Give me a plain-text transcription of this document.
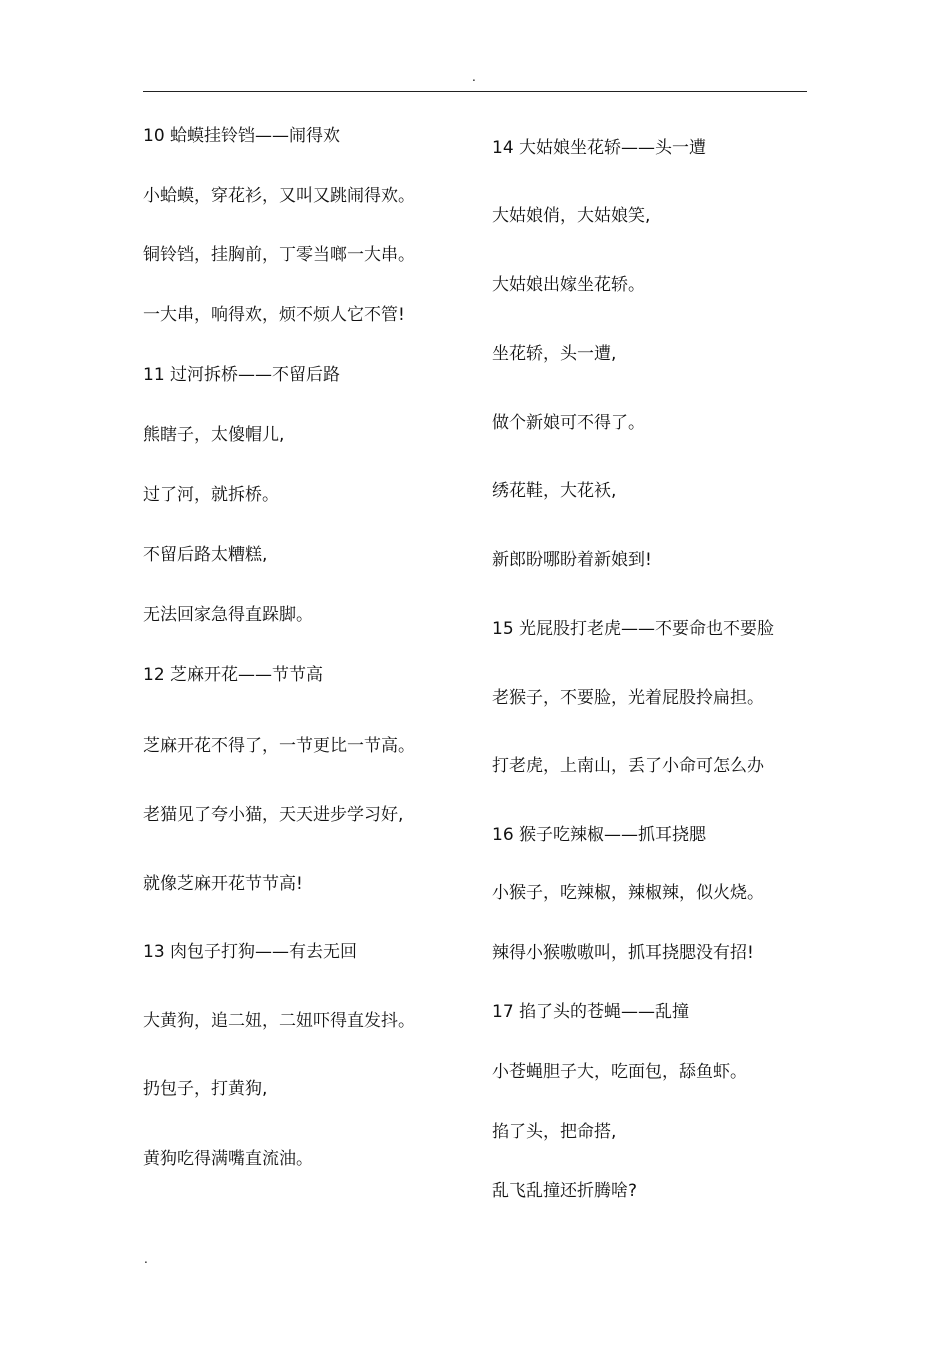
.
10 蛤蟆挂铃铛——闹得欢
小蛤蟆，穿花衫，又叫又跳闹得欢。
铜铃铛，挂胸前，丁零当啷一大串。
一大串，响得欢，烦不烦人它不管!
11 过河拆桥——不留后路
熊瞎子，太傻帽儿,
过了河，就拆桥。
不留后路太糟糕,
无法回家急得直跺脚。
12 芝麻开花——节节高
芝麻开花不得了，一节更比一节高。
老猫见了夸小猫，天天进步学习好,
就像芝麻开花节节高!
13 肉包子打狗——有去无回
大黄狗，追二妞，二妞吓得直发抖。
扔包子，打黄狗,
黄狗吃得满嘴直流油。
14 大姑娘坐花轿——头一遭
大姑娘俏，大姑娘笑,
大姑娘出嫁坐花轿。
坐花轿，头一遭,
做个新娘可不得了。
绣花鞋，大花袄,
新郎盼哪盼着新娘到!
15 光屁股打老虎——不要命也不要脸
老猴子，不要脸，光着屁股拎扁担。
打老虎，上南山，丢了小命可怎么办
16 猴子吃辣椒——抓耳挠腮
小猴子，吃辣椒，辣椒辣，似火烧。
辣得小猴嗷嗷叫，抓耳挠腮没有招!
17 掐了头的苍蝇——乱撞
小苍蝇胆子大，吃面包，舔鱼虾。
掐了头，把命搭,
乱飞乱撞还折腾啥?
.
